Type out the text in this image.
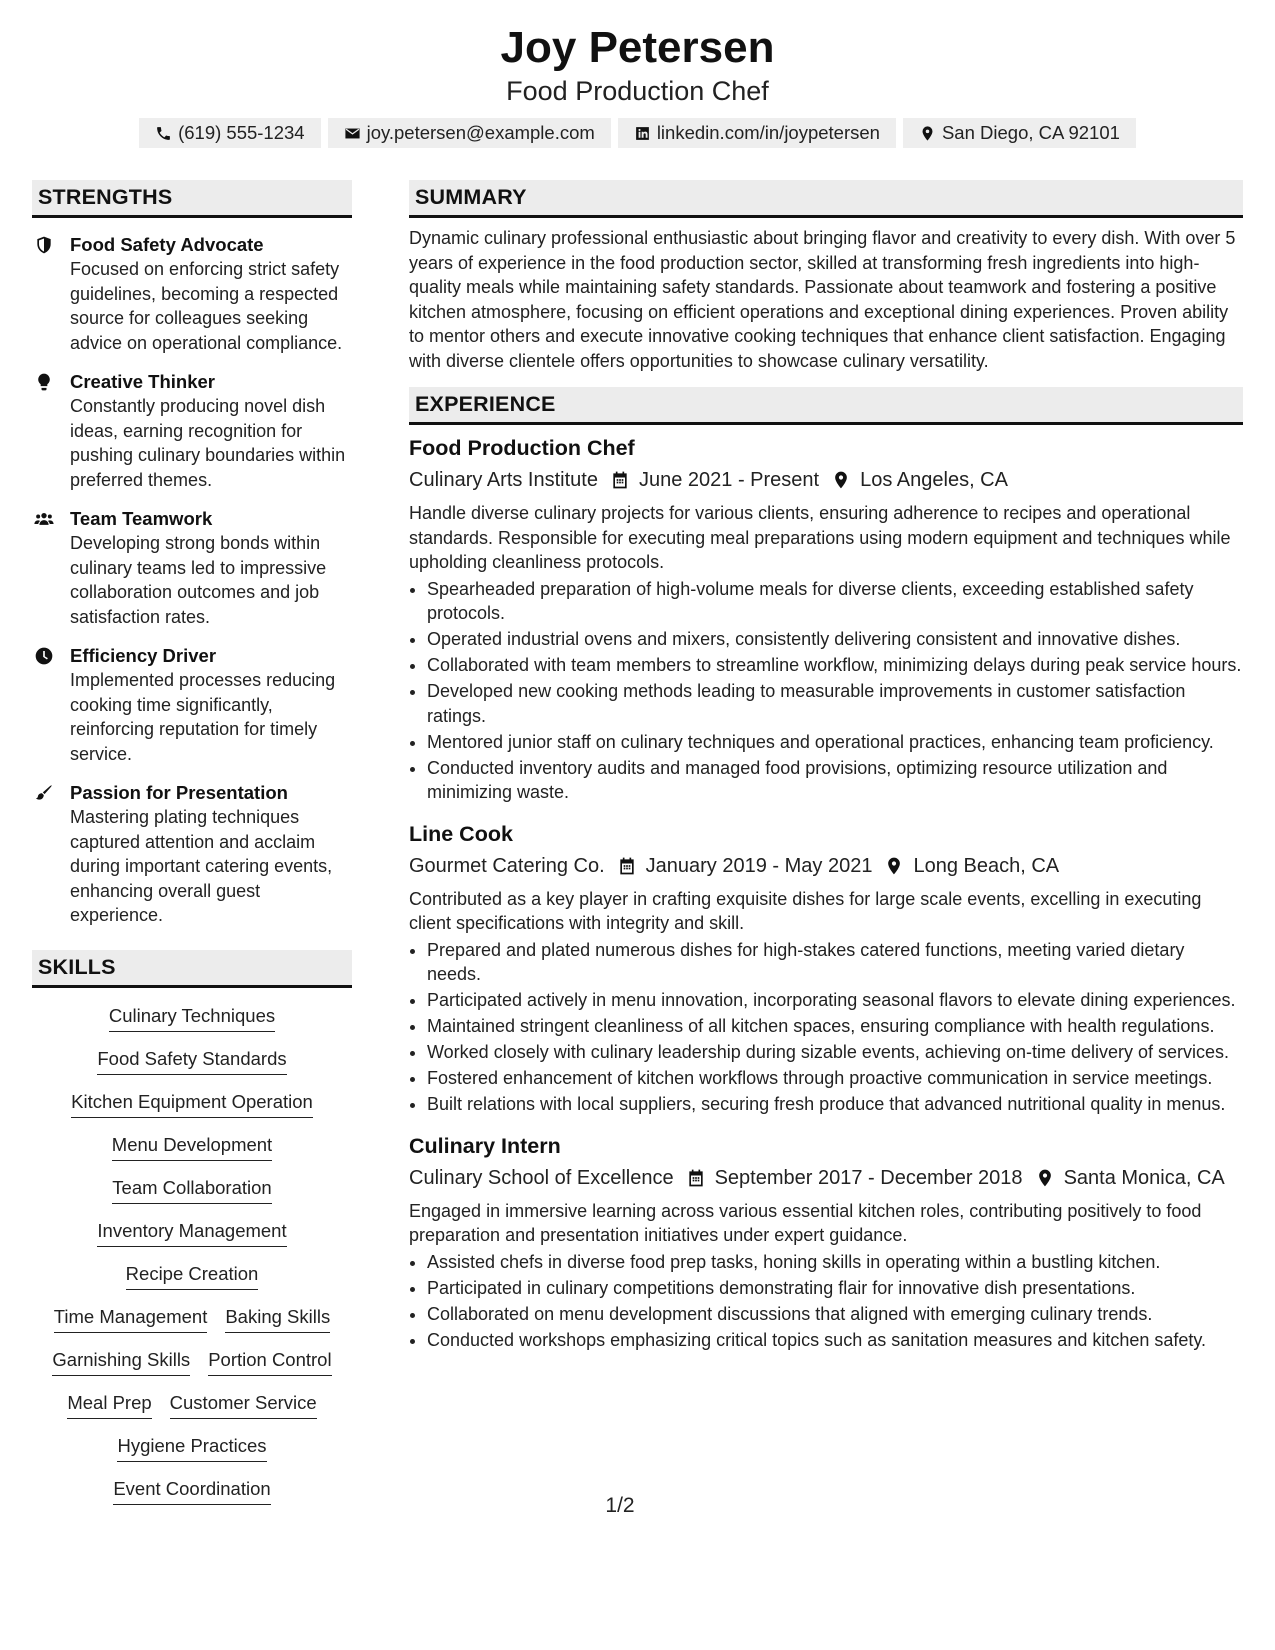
Joy Petersen
Food Production Chef
(619) 555-1234	joy.petersen@example.com	linkedin.com/in/joypetersen	San Diego, CA 92101
STRENGTHS
Food Safety Advocate
Focused on enforcing strict safety guidelines, becoming a respected source for colleagues seeking advice on operational compliance.
Creative Thinker
Constantly producing novel dish ideas, earning recognition for pushing culinary boundaries within preferred themes.
Team Teamwork
Developing strong bonds within culinary teams led to impressive collaboration outcomes and job satisfaction rates.
Efficiency Driver
Implemented processes reducing cooking time significantly, reinforcing reputation for timely service.
Passion for Presentation
Mastering plating techniques captured attention and acclaim during important catering events, enhancing overall guest experience.
SKILLS
Culinary Techniques
Food Safety Standards
Kitchen Equipment Operation
Menu Development
Team Collaboration
Inventory Management
Recipe Creation
Time Management Baking Skills
Garnishing Skills Portion Control
Meal Prep Customer Service
Hygiene Practices
Event Coordination
SUMMARY
Dynamic culinary professional enthusiastic about bringing flavor and creativity to every dish. With over 5 years of experience in the food production sector, skilled at transforming fresh ingredients into high-quality meals while maintaining safety standards. Passionate about teamwork and fostering a positive kitchen atmosphere, focusing on efficient operations and exceptional dining experiences. Proven ability to mentor others and execute innovative cooking techniques that enhance client satisfaction. Engaging with diverse clientele offers opportunities to showcase culinary versatility.
EXPERIENCE
Food Production Chef
Culinary Arts Institute June 2021 - Present Los Angeles, CA
Handle diverse culinary projects for various clients, ensuring adherence to recipes and operational standards. Responsible for executing meal preparations using modern equipment and techniques while upholding cleanliness protocols.
• Spearheaded preparation of high-volume meals for diverse clients, exceeding established safety protocols.
• Operated industrial ovens and mixers, consistently delivering consistent and innovative dishes.
• Collaborated with team members to streamline workflow, minimizing delays during peak service hours.
• Developed new cooking methods leading to measurable improvements in customer satisfaction ratings.
• Mentored junior staff on culinary techniques and operational practices, enhancing team proficiency.
• Conducted inventory audits and managed food provisions, optimizing resource utilization and minimizing waste.
Line Cook
Gourmet Catering Co. January 2019 - May 2021 Long Beach, CA
Contributed as a key player in crafting exquisite dishes for large scale events, excelling in executing client specifications with integrity and skill.
• Prepared and plated numerous dishes for high-stakes catered functions, meeting varied dietary needs.
• Participated actively in menu innovation, incorporating seasonal flavors to elevate dining experiences.
• Maintained stringent cleanliness of all kitchen spaces, ensuring compliance with health regulations.
• Worked closely with culinary leadership during sizable events, achieving on-time delivery of services.
• Fostered enhancement of kitchen workflows through proactive communication in service meetings.
• Built relations with local suppliers, securing fresh produce that advanced nutritional quality in menus.
Culinary Intern
Culinary School of Excellence September 2017 - December 2018 Santa Monica, CA
Engaged in immersive learning across various essential kitchen roles, contributing positively to food preparation and presentation initiatives under expert guidance.
• Assisted chefs in diverse food prep tasks, honing skills in operating within a bustling kitchen.
• Participated in culinary competitions demonstrating flair for innovative dish presentations.
• Collaborated on menu development discussions that aligned with emerging culinary trends.
• Conducted workshops emphasizing critical topics such as sanitation measures and kitchen safety.
1/2
